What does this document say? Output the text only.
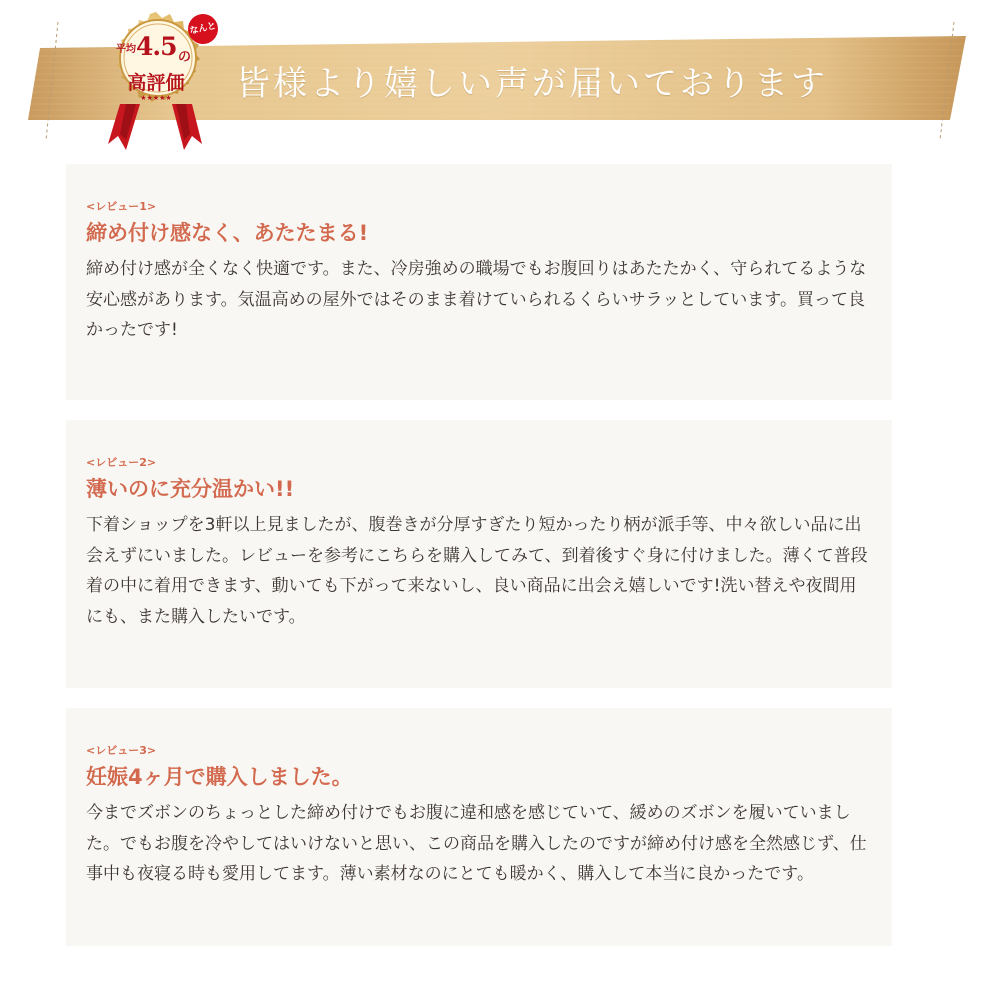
皆様より嬉しい声が届いております
平均 4.5 の
高評価
★★★★★
なんと
<レビュー1>
締め付け感なく、あたたまる!
締め付け感が全くなく快適です。また、冷房強めの職場でもお腹回りはあたたかく、守られてるような安心感があります。気温高めの屋外ではそのまま着けていられるくらいサラッとしています。買って良かったです!
<レビュー2>
薄いのに充分温かい!!
下着ショップを3軒以上見ましたが、腹巻きが分厚すぎたり短かったり柄が派手等、中々欲しい品に出会えずにいました。レビューを参考にこちらを購入してみて、到着後すぐ身に付けました。薄くて普段着の中に着用できます、動いても下がって来ないし、良い商品に出会え嬉しいです!洗い替えや夜間用にも、また購入したいです。
<レビュー3>
妊娠4ヶ月で購入しました。
今までズボンのちょっとした締め付けでもお腹に違和感を感じていて、緩めのズボンを履いていました。でもお腹を冷やしてはいけないと思い、この商品を購入したのですが締め付け感を全然感じず、仕事中も夜寝る時も愛用してます。薄い素材なのにとても暖かく、購入して本当に良かったです。
